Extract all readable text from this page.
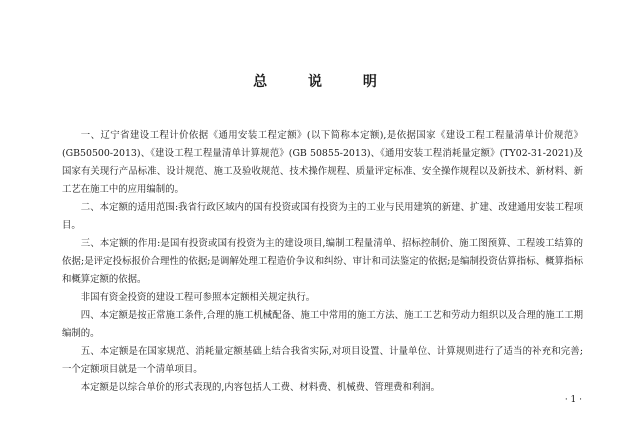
总 说 明

一、辽宁省建设工程计价依据《通用安装工程定额》(以下简称本定额),是依据国家《建设工程工程量清单计价规范》(GB50500-2013)、《建设工程工程量清单计算规范》(GB 50855-2013)、《通用安装工程消耗量定额》(TY02-31-2021)及国家有关现行产品标准、设计规范、施工及验收规范、技术操作规程、质量评定标准、安全操作规程以及新技术、新材料、新工艺在施工中的应用编制的。

二、本定额的适用范围:我省行政区域内的国有投资或国有投资为主的工业与民用建筑的新建、扩建、改建通用安装工程项目。

三、本定额的作用:是国有投资或国有投资为主的建设项目,编制工程量清单、招标控制价、施工图预算、工程竣工结算的依据;是评定投标报价合理性的依据;是调解处理工程造价争议和纠纷、审计和司法鉴定的依据;是编制投资估算指标、概算指标和概算定额的依据。

非国有资金投资的建设工程可参照本定额相关规定执行。

四、本定额是按正常施工条件,合理的施工机械配备、施工中常用的施工方法、施工工艺和劳动力组织以及合理的施工工期编制的。

五、本定额是在国家规范、消耗量定额基础上结合我省实际,对项目设置、计量单位、计算规则进行了适当的补充和完善;一个定额项目就是一个清单项目。

本定额是以综合单价的形式表现的,内容包括人工费、材料费、机械费、管理费和利润。

· 1 ·
